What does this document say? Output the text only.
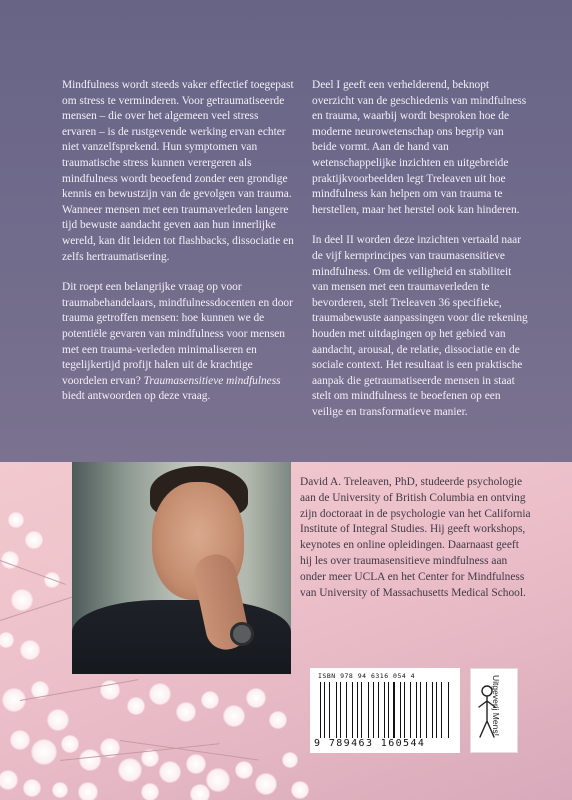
Mindfulness wordt steeds vaker effectief toegepast om stress te verminderen. Voor getraumatiseerde mensen – die over het algemeen veel stress ervaren – is de rustgevende werking ervan echter niet vanzelfsprekend. Hun symptomen van traumatische stress kunnen verergeren als mindfulness wordt beoefend zonder een grondige kennis en bewustzijn van de gevolgen van trauma. Wanneer mensen met een traumaverleden langere tijd bewuste aandacht geven aan hun innerlijke wereld, kan dit leiden tot flashbacks, dissociatie en zelfs hertraumatisering.

Dit roept een belangrijke vraag op voor traumabehandelaars, mindfulnessdocenten en door trauma getroffen mensen: hoe kunnen we de potentiële gevaren van mindfulness voor mensen met een trauma-verleden minimaliseren en tegelijkertijd profijt halen uit de krachtige voordelen ervan? Traumasensitieve mindfulness biedt antwoorden op deze vraag.

Deel I geeft een verhelderend, beknopt overzicht van de geschiedenis van mindfulness en trauma, waarbij wordt besproken hoe de moderne neurowetenschap ons begrip van beide vormt. Aan de hand van wetenschappelijke inzichten en uitgebreide praktijkvoorbeelden legt Treleaven uit hoe mindfulness kan helpen om van trauma te herstellen, maar het herstel ook kan hinderen.

In deel II worden deze inzichten vertaald naar de vijf kernprincipes van traumasensitieve mindfulness. Om de veiligheid en stabiliteit van mensen met een traumaverleden te bevorderen, stelt Treleaven 36 specifieke, traumabewuste aanpassingen voor die rekening houden met uitdagingen op het gebied van aandacht, arousal, de relatie, dissociatie en de sociale context. Het resultaat is een praktische aanpak die getraumatiseerde mensen in staat stelt om mindfulness te beoefenen op een veilige en transformatieve manier.

David A. Treleaven, PhD, studeerde psychologie aan de University of British Columbia en ontving zijn doctoraat in de psychologie van het California Institute of Integral Studies. Hij geeft workshops, keynotes en online opleidingen. Daarnaast geeft hij les over traumasensitieve mindfulness aan onder meer UCLA en het Center for Mindfulness van University of Massachusetts Medical School.
ISBN 978 94 6316 054 4
9 789463 160544
Uitgeverij Mens!
